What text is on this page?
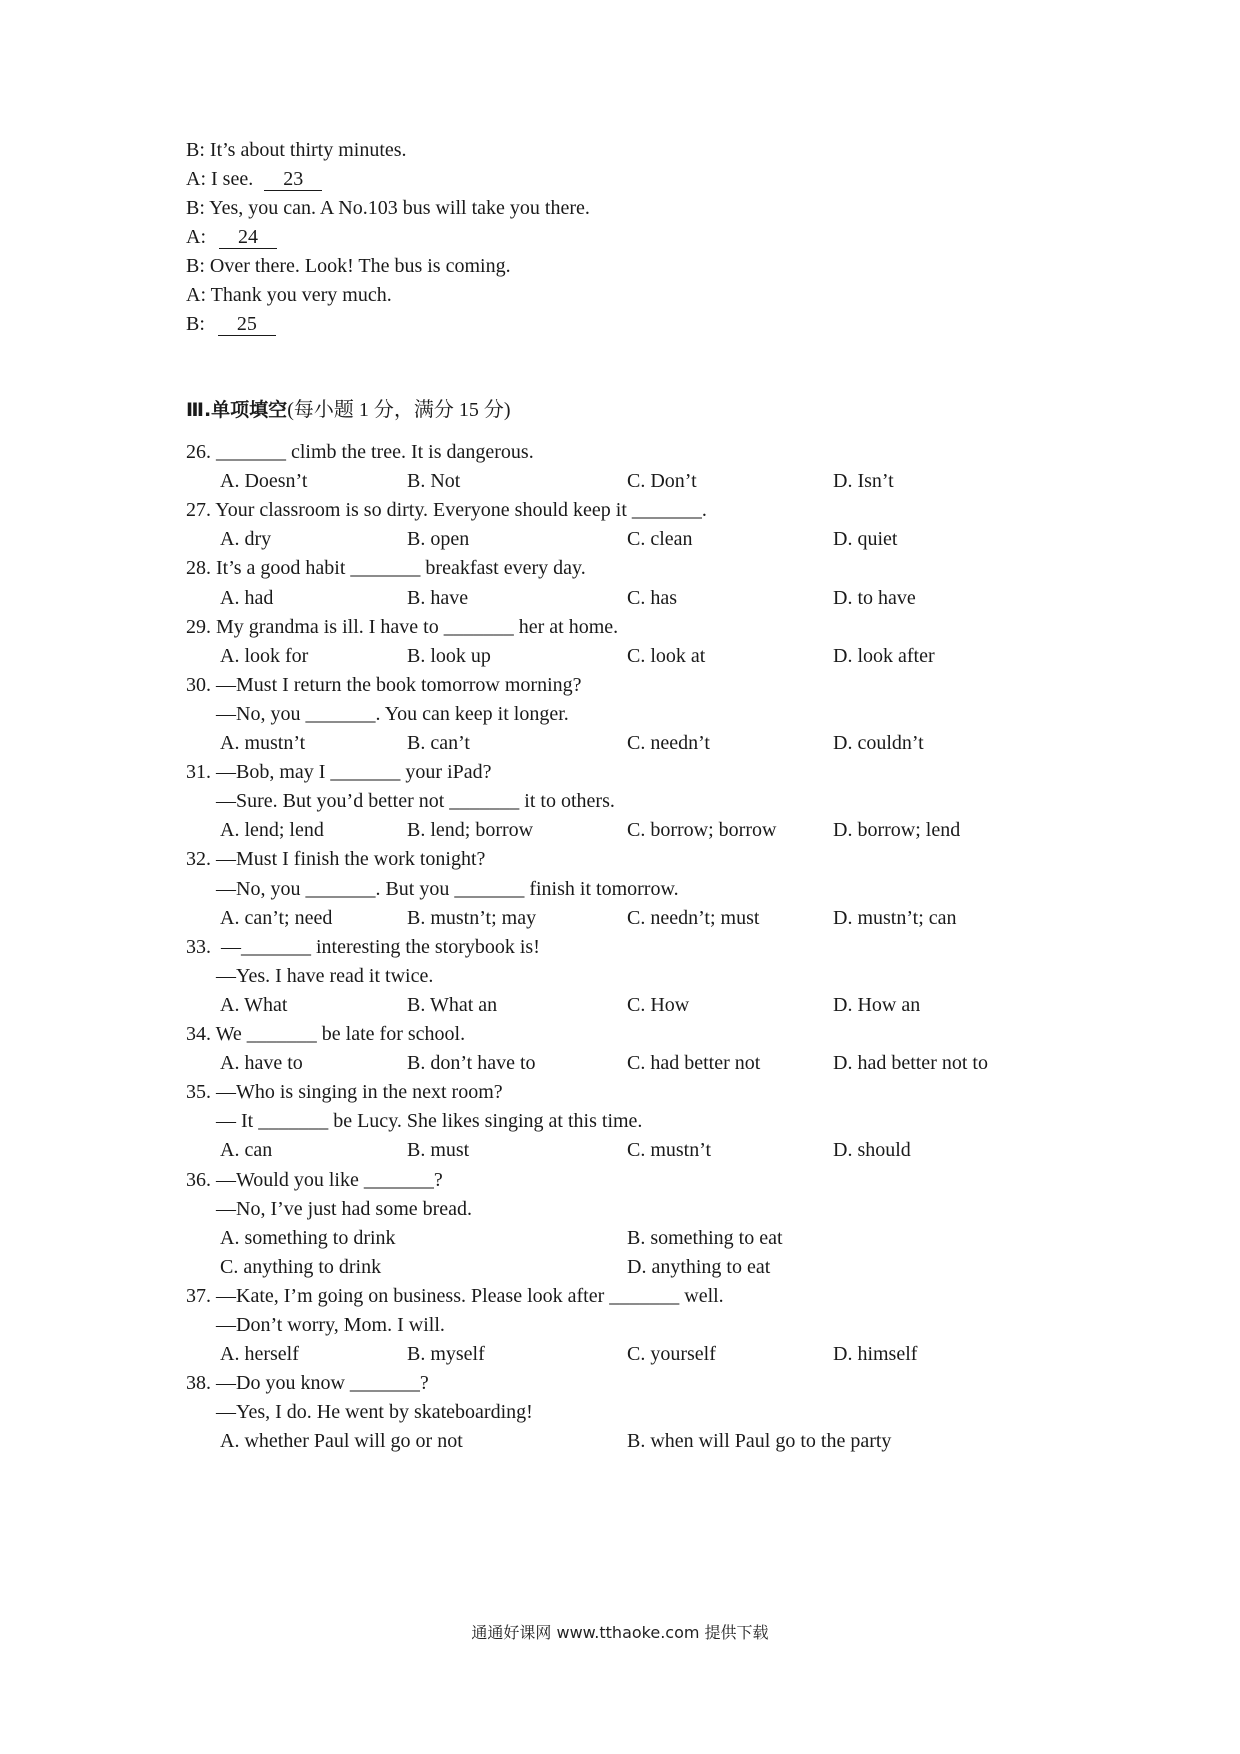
B: It’s about thirty minutes.
A: I see. 23
B: Yes, you can. A No.103 bus will take you there.
A: 24
B: Over there. Look! The bus is coming.
A: Thank you very much.
B: 25
Ⅲ.单项填空(每小题 1 分，满分 15 分)
26. _______ climb the tree. It is dangerous.
A. Doesn’t	B. Not	C. Don’t	D. Isn’t
27. Your classroom is so dirty. Everyone should keep it _______.
A. dry	B. open	C. clean	D. quiet
28. It’s a good habit _______ breakfast every day.
A. had	B. have	C. has	D. to have
29. My grandma is ill. I have to _______ her at home.
A. look for	B. look up	C. look at	D. look after
30. —Must I return the book tomorrow morning?
—No, you _______. You can keep it longer.
A. mustn’t	B. can’t	C. needn’t	D. couldn’t
31. —Bob, may I _______ your iPad?
—Sure. But you’d better not _______ it to others.
A. lend; lend	B. lend; borrow	C. borrow; borrow	D. borrow; lend
32. —Must I finish the work tonight?
—No, you _______. But you _______ finish it tomorrow.
A. can’t; need	B. mustn’t; may	C. needn’t; must	D. mustn’t; can
33.  —_______ interesting the storybook is!
—Yes. I have read it twice.
A. What	B. What an	C. How	D. How an
34. We _______ be late for school.
A. have to	B. don’t have to	C. had better not	D. had better not to
35. —Who is singing in the next room?
— It _______ be Lucy. She likes singing at this time.
A. can	B. must	C. mustn’t	D. should
36. —Would you like _______?
—No, I’ve just had some bread.
A. something to drink	B. something to eat
C. anything to drink	D. anything to eat
37. —Kate, I’m going on business. Please look after _______ well.
—Don’t worry, Mom. I will.
A. herself	B. myself	C. yourself	D. himself
38. —Do you know _______?
—Yes, I do. He went by skateboarding!
A. whether Paul will go or not	B. when will Paul go to the party
通通好课网 www.tthaoke.com 提供下载
